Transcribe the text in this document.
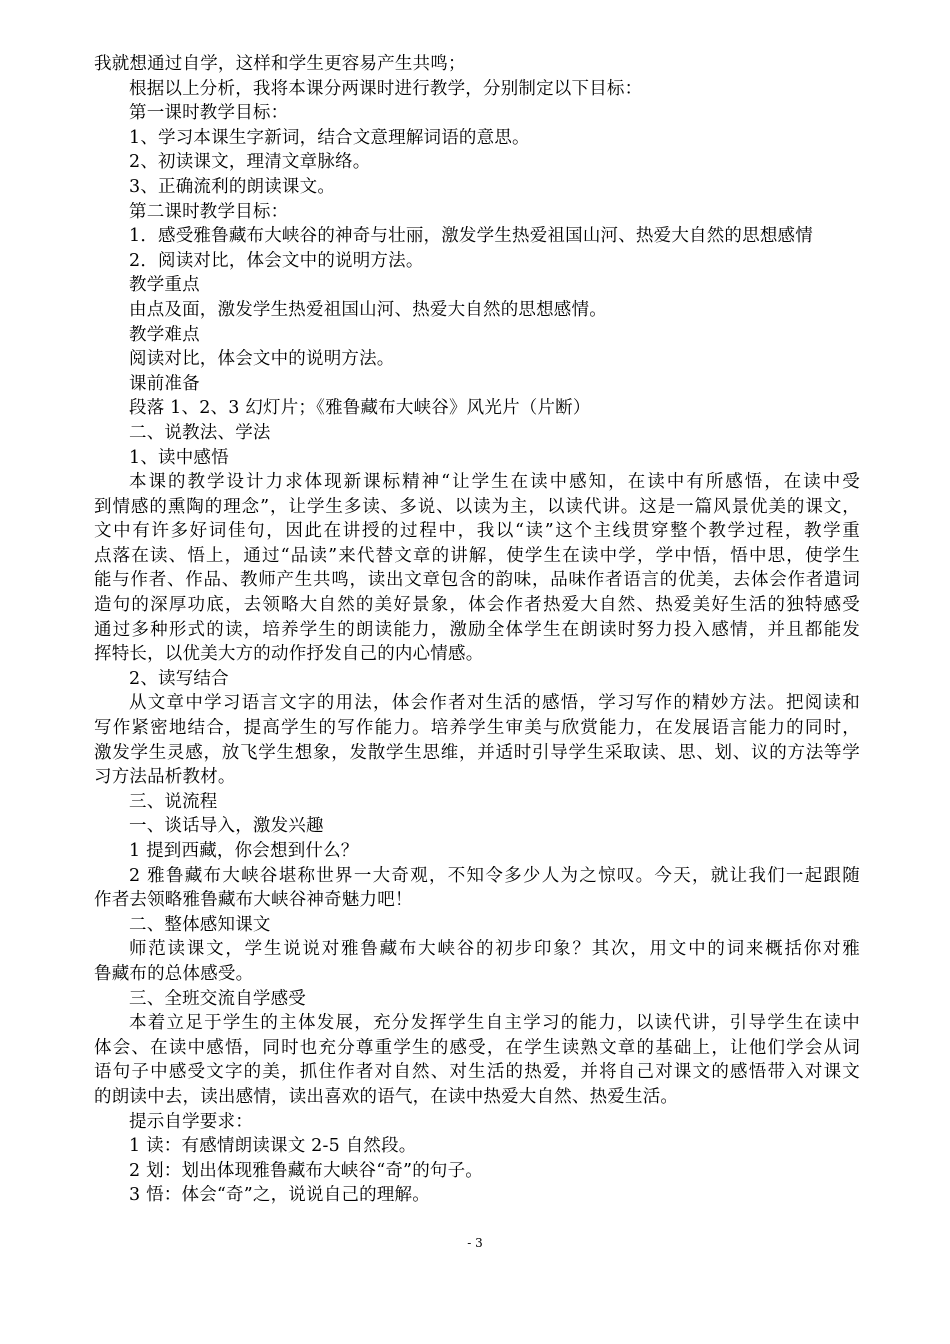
我就想通过自学，这样和学生更容易产生共鸣；
根据以上分析，我将本课分两课时进行教学，分别制定以下目标：
第一课时教学目标：
1、学习本课生字新词，结合文意理解词语的意思。
2、初读课文，理清文章脉络。
3、正确流利的朗读课文。
第二课时教学目标：
1．感受雅鲁藏布大峡谷的神奇与壮丽，激发学生热爱祖国山河、热爱大自然的思想感情
2．阅读对比，体会文中的说明方法。
教学重点
由点及面，激发学生热爱祖国山河、热爱大自然的思想感情。
教学难点
阅读对比，体会文中的说明方法。
课前准备
段落 1、2、3 幻灯片；《雅鲁藏布大峡谷》风光片（片断）
二、说教法、学法
1、读中感悟
本课的教学设计力求体现新课标精神“让学生在读中感知，在读中有所感悟，在读中受
到情感的熏陶的理念”，让学生多读、多说、以读为主，以读代讲。这是一篇风景优美的课文，
文中有许多好词佳句，因此在讲授的过程中，我以“读”这个主线贯穿整个教学过程，教学重
点落在读、悟上，通过“品读”来代替文章的讲解，使学生在读中学，学中悟，悟中思，使学生
能与作者、作品、教师产生共鸣，读出文章包含的韵味，品味作者语言的优美，去体会作者遣词
造句的深厚功底，去领略大自然的美好景象，体会作者热爱大自然、热爱美好生活的独特感受
通过多种形式的读，培养学生的朗读能力，激励全体学生在朗读时努力投入感情，并且都能发
挥特长，以优美大方的动作抒发自己的内心情感。
2、读写结合
从文章中学习语言文字的用法，体会作者对生活的感悟，学习写作的精妙方法。把阅读和
写作紧密地结合，提高学生的写作能力。培养学生审美与欣赏能力，在发展语言能力的同时，
激发学生灵感，放飞学生想象，发散学生思维，并适时引导学生采取读、思、划、议的方法等学
习方法品析教材。
三、说流程
一、谈话导入，激发兴趣
1 提到西藏，你会想到什么？
2 雅鲁藏布大峡谷堪称世界一大奇观，不知令多少人为之惊叹。今天，就让我们一起跟随
作者去领略雅鲁藏布大峡谷神奇魅力吧！
二、整体感知课文
师范读课文，学生说说对雅鲁藏布大峡谷的初步印象？其次，用文中的词来概括你对雅
鲁藏布的总体感受。
三、全班交流自学感受
本着立足于学生的主体发展，充分发挥学生自主学习的能力，以读代讲，引导学生在读中
体会、在读中感悟，同时也充分尊重学生的感受，在学生读熟文章的基础上，让他们学会从词
语句子中感受文字的美，抓住作者对自然、对生活的热爱，并将自己对课文的感悟带入对课文
的朗读中去，读出感情，读出喜欢的语气，在读中热爱大自然、热爱生活。
提示自学要求：
1 读：有感情朗读课文 2-5 自然段。
2 划：划出体现雅鲁藏布大峡谷“奇”的句子。
3 悟：体会“奇”之，说说自己的理解。
- 3
